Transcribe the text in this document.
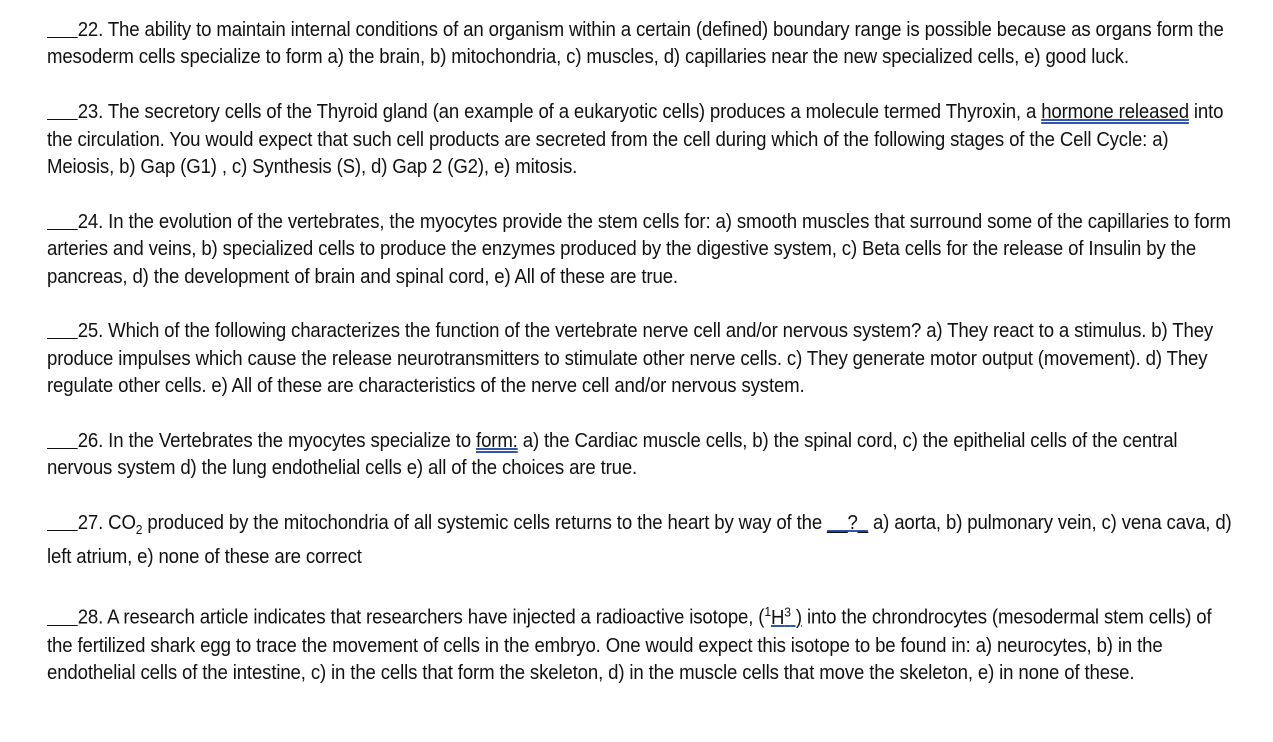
22. The ability to maintain internal conditions of an organism within a certain (defined) boundary range is possible because as organs form the mesoderm cells specialize to form a) the brain, b) mitochondria, c) muscles, d) capillaries near the new specialized cells, e) good luck.

23. The secretory cells of the Thyroid gland (an example of a eukaryotic cells) produces a molecule termed Thyroxin, a hormone released into the circulation. You would expect that such cell products are secreted from the cell during which of the following stages of the Cell Cycle: a) Meiosis, b) Gap (G1) , c) Synthesis (S), d) Gap 2 (G2), e) mitosis.

24. In the evolution of the vertebrates, the myocytes provide the stem cells for: a) smooth muscles that surround some of the capillaries to form arteries and veins, b) specialized cells to produce the enzymes produced by the digestive system, c) Beta cells for the release of Insulin by the pancreas, d) the development of brain and spinal cord, e) All of these are true.

25. Which of the following characterizes the function of the vertebrate nerve cell and/or nervous system? a) They react to a stimulus. b) They produce impulses which cause the release neurotransmitters to stimulate other nerve cells. c) They generate motor output (movement). d) They regulate other cells. e) All of these are characteristics of the nerve cell and/or nervous system.

26. In the Vertebrates the myocytes specialize to form: a) the Cardiac muscle cells, b) the spinal cord, c) the epithelial cells of the central nervous system d) the lung endothelial cells e) all of the choices are true.

27. $CO_2$ produced by the mitochondria of all systemic cells returns to the heart by way of the __?_ a) aorta, b) pulmonary vein, c) vena cava, d) left atrium, e) none of these are correct

28. A research article indicates that researchers have injected a radioactive isotope, ($^1H^3$ ) into the chrondrocytes (mesodermal stem cells) of the fertilized shark egg to trace the movement of cells in the embryo. One would expect this isotope to be found in: a) neurocytes, b) in the endothelial cells of the intestine, c) in the cells that form the skeleton, d) in the muscle cells that move the skeleton, e) in none of these.
